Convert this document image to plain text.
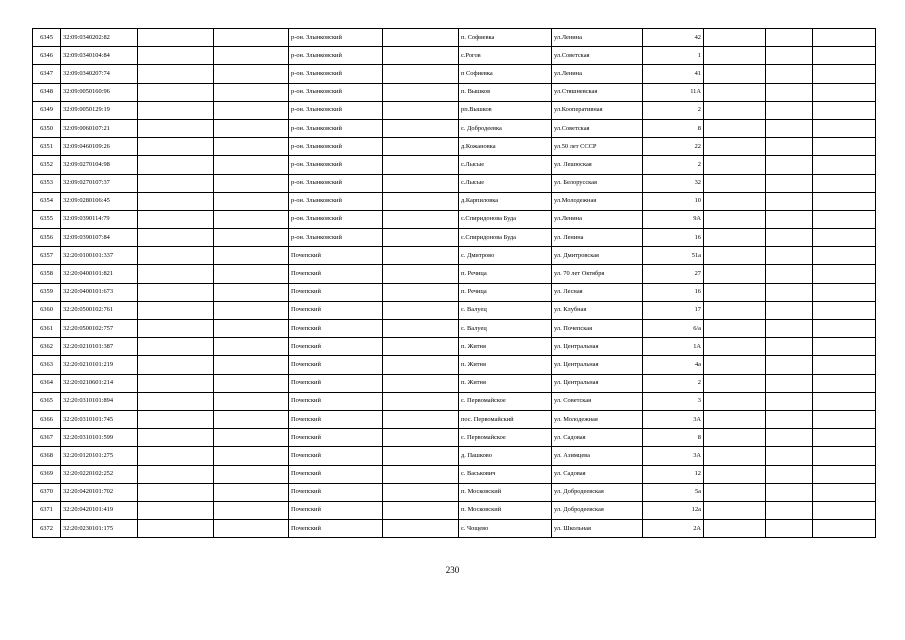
6345	32:09:0340202:82			р-он. Злынковский		п. Софиевка	ул.Ленина	42			
6346	32:09:0340104:84			р-он. Злынковский		с.Рогов	ул.Советская	1			
6347	32:09:0340207:74			р-он. Злынковский		п Софиевка	ул.Ленина	41			
6348	32:09:0050160:96			р-он. Злынковский		п. Вышков	ул.Стяшневская	11А			
6349	32:09:0050129:19			р-он. Злынковский		рп.Вышков	ул.Кооперативная	2			
6350	32:09:0060107:21			р-он. Злынковский		с. Добродеевка	ул.Советская	8			
6351	32:09:0460109:26			р-он. Злынковский		д.Кожановка	ул.50 лет СССР	22			
6352	32:09:0270104:98			р-он. Злынковский		с.Лысые	ул. Лешюская	2			
6353	32:09:0270107:37			р-он. Злынковский		с.Лысые	ул. Белорусская	32			
6354	32:09:0280106:45			р-он. Злынковский		д.Карпиловка	ул.Молодежная	10			
6355	32:09:0390114:79			р-он. Злынковский		с.Спиридонова Буда	ул.Ленина	9А			
6356	32:09:0390107:84			р-он. Злынковский		с.Спиридонова Буда	ул. Ленина	16			
6357	32:20:0100101:337			Почепский		с. Дмитрово	ул. Дмитровская	51а			
6358	32:20:0400101:821			Почепский		п. Речица	ул. 70 лет Октября	27			
6359	32:20:0400101:673			Почепский		п. Речица	ул. Лесная	16			
6360	32:20:0500102:761			Почепский		с. Валуец	ул. Клубная	17			
6361	32:20:0500102:757			Почепский		с. Валуец	ул. Почепская	6/а			
6362	32:20:0210101:387			Почепский		п. Житня	ул. Центральная	1А			
6363	32:20:0210101:219			Почепский		п. Житня	ул. Центральная	4а			
6364	32:20:0210601:214			Почепский		п. Житня	ул. Центральная	2			
6365	32:20:0310101:894			Почепский		с. Первомайское	ул. Советская	3			
6366	32:20:0310101:745			Почепский		пос. Первомайский	ул. Молодежная	3А			
6367	32:20:0310101:599			Почепский		с. Первомайское	ул. Садовая	8			
6368	32:20:0120101:275			Почепский		д. Пашково	ул. Азимцева	3А			
6369	32:20:0220102:252			Почепский		с. Васькович	ул. Садовая	12			
6370	32:20:0420101:702			Почепский		п. Московский	ул. Добродеевская	5а			
6371	32:20:0420101:419			Почепский		п. Московский	ул. Добродеевская	12а			
6372	32:20:0230101:175			Почепский		с. Чощево	ул. Школьная	2А			
230
